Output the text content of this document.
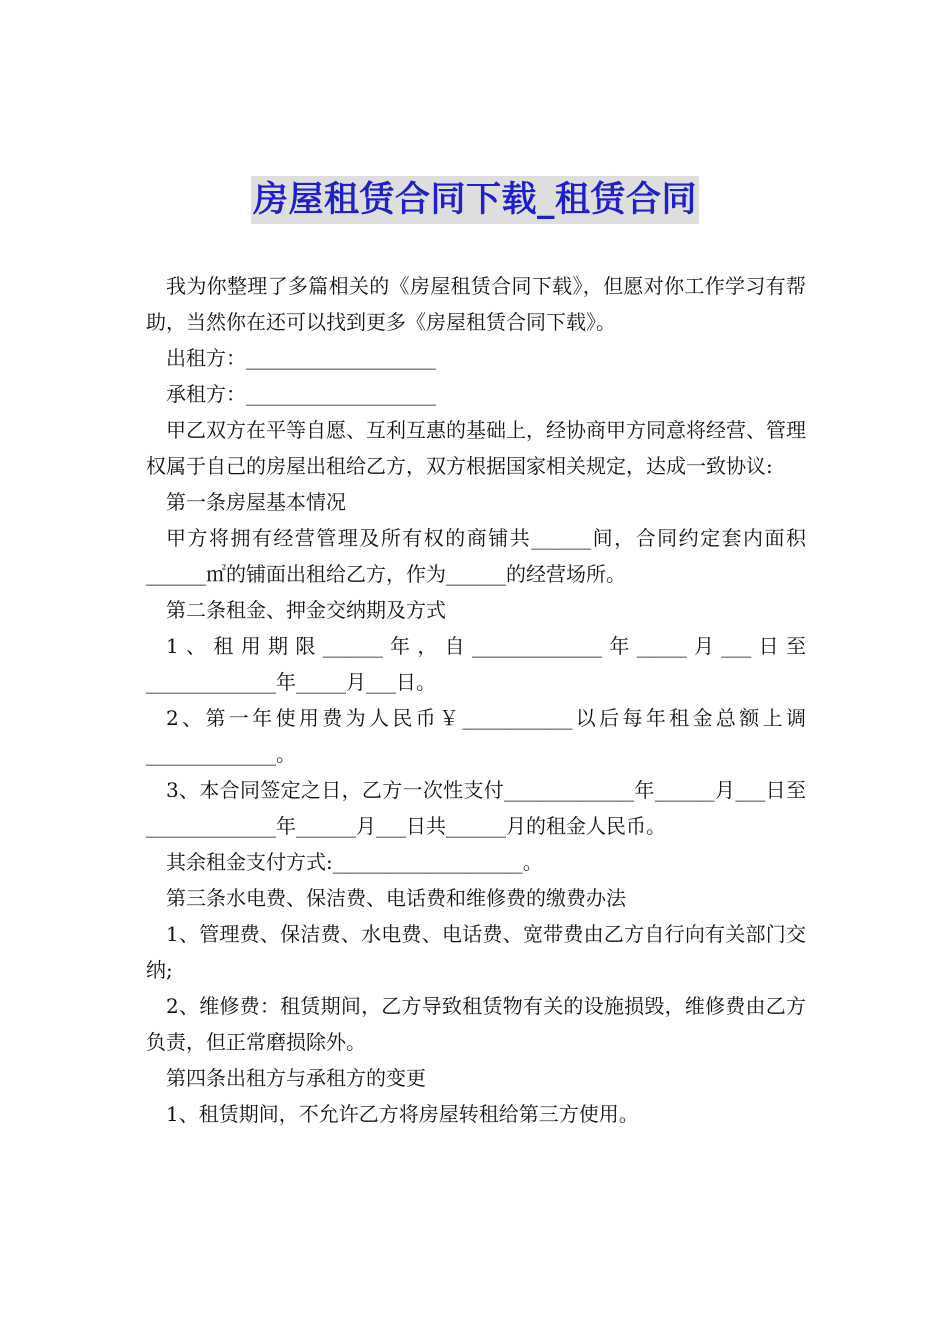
房屋租赁合同下载_租赁合同

我为你整理了多篇相关的《房屋租赁合同下载》，但愿对你工作学习有帮助，当然你在还可以找到更多《房屋租赁合同下载》。

出租方：___________________

承租方：___________________

甲乙双方在平等自愿、互利互惠的基础上，经协商甲方同意将经营、管理权属于自己的房屋出租给乙方，双方根据国家相关规定，达成一致协议:

第一条房屋基本情况

甲方将拥有经营管理及所有权的商铺共______间，合同约定套内面积______㎡的铺面出租给乙方，作为______的经营场所。

第二条租金、押金交纳期及方式

1、租用期限______年，自_____________年_____月___日至_____________年_____月___日。

2、第一年使用费为人民币￥___________以后每年租金总额上调_____________。

3、本合同签定之日，乙方一次性支付_____________年______月___日至_____________年______月___日共______月的租金人民币。

其余租金支付方式:___________________。

第三条水电费、保洁费、电话费和维修费的缴费办法

1、管理费、保洁费、水电费、电话费、宽带费由乙方自行向有关部门交纳;

2、维修费：租赁期间，乙方导致租赁物有关的设施损毁，维修费由乙方负责，但正常磨损除外。

第四条出租方与承租方的变更

1、租赁期间，不允许乙方将房屋转租给第三方使用。
